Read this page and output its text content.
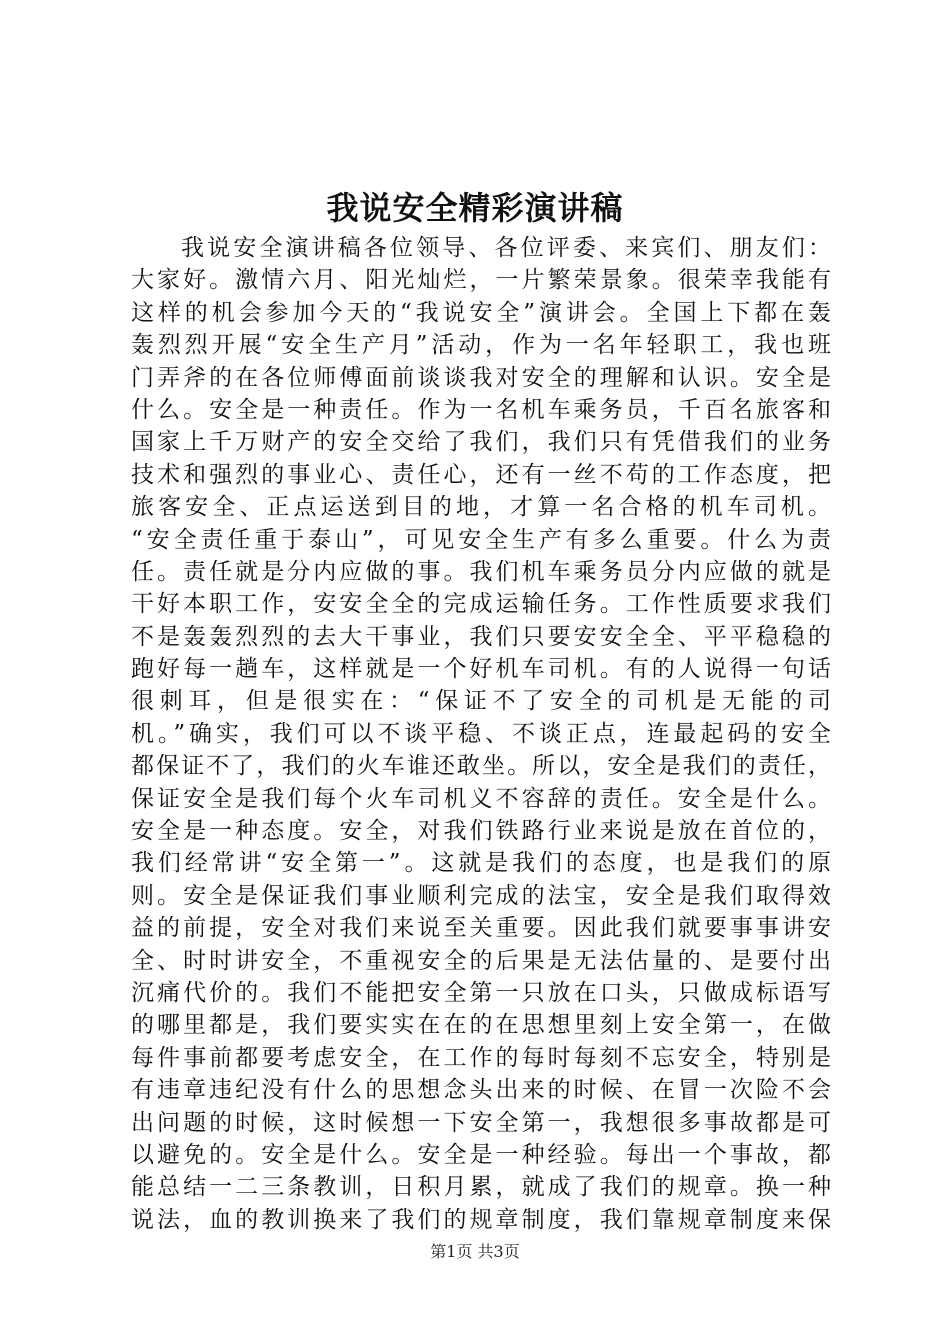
我说安全精彩演讲稿
我说安全演讲稿各位领导、各位评委、来宾们、朋友们：
大家好。激情六月、阳光灿烂，一片繁荣景象。很荣幸我能有
这样的机会参加今天的“我说安全”演讲会。全国上下都在轰
轰烈烈开展“安全生产月”活动，作为一名年轻职工，我也班
门弄斧的在各位师傅面前谈谈我对安全的理解和认识。安全是
什么。安全是一种责任。作为一名机车乘务员，千百名旅客和
国家上千万财产的安全交给了我们，我们只有凭借我们的业务
技术和强烈的事业心、责任心，还有一丝不苟的工作态度，把
旅客安全、正点运送到目的地，才算一名合格的机车司机。
“安全责任重于泰山”，可见安全生产有多么重要。什么为责
任。责任就是分内应做的事。我们机车乘务员分内应做的就是
干好本职工作，安安全全的完成运输任务。工作性质要求我们
不是轰轰烈烈的去大干事业，我们只要安安全全、平平稳稳的
跑好每一趟车，这样就是一个好机车司机。有的人说得一句话
很刺耳，但是很实在：“保证不了安全的司机是无能的司
机。”确实，我们可以不谈平稳、不谈正点，连最起码的安全
都保证不了，我们的火车谁还敢坐。所以，安全是我们的责任，
保证安全是我们每个火车司机义不容辞的责任。安全是什么。
安全是一种态度。安全，对我们铁路行业来说是放在首位的，
我们经常讲“安全第一”。这就是我们的态度，也是我们的原
则。安全是保证我们事业顺利完成的法宝，安全是我们取得效
益的前提，安全对我们来说至关重要。因此我们就要事事讲安
全、时时讲安全，不重视安全的后果是无法估量的、是要付出
沉痛代价的。我们不能把安全第一只放在口头，只做成标语写
的哪里都是，我们要实实在在的在思想里刻上安全第一，在做
每件事前都要考虑安全，在工作的每时每刻不忘安全，特别是
有违章违纪没有什么的思想念头出来的时候、在冒一次险不会
出问题的时候，这时候想一下安全第一，我想很多事故都是可
以避免的。安全是什么。安全是一种经验。每出一个事故，都
能总结一二三条教训，日积月累，就成了我们的规章。换一种
说法，血的教训换来了我们的规章制度，我们靠规章制度来保
第1页 共3页
